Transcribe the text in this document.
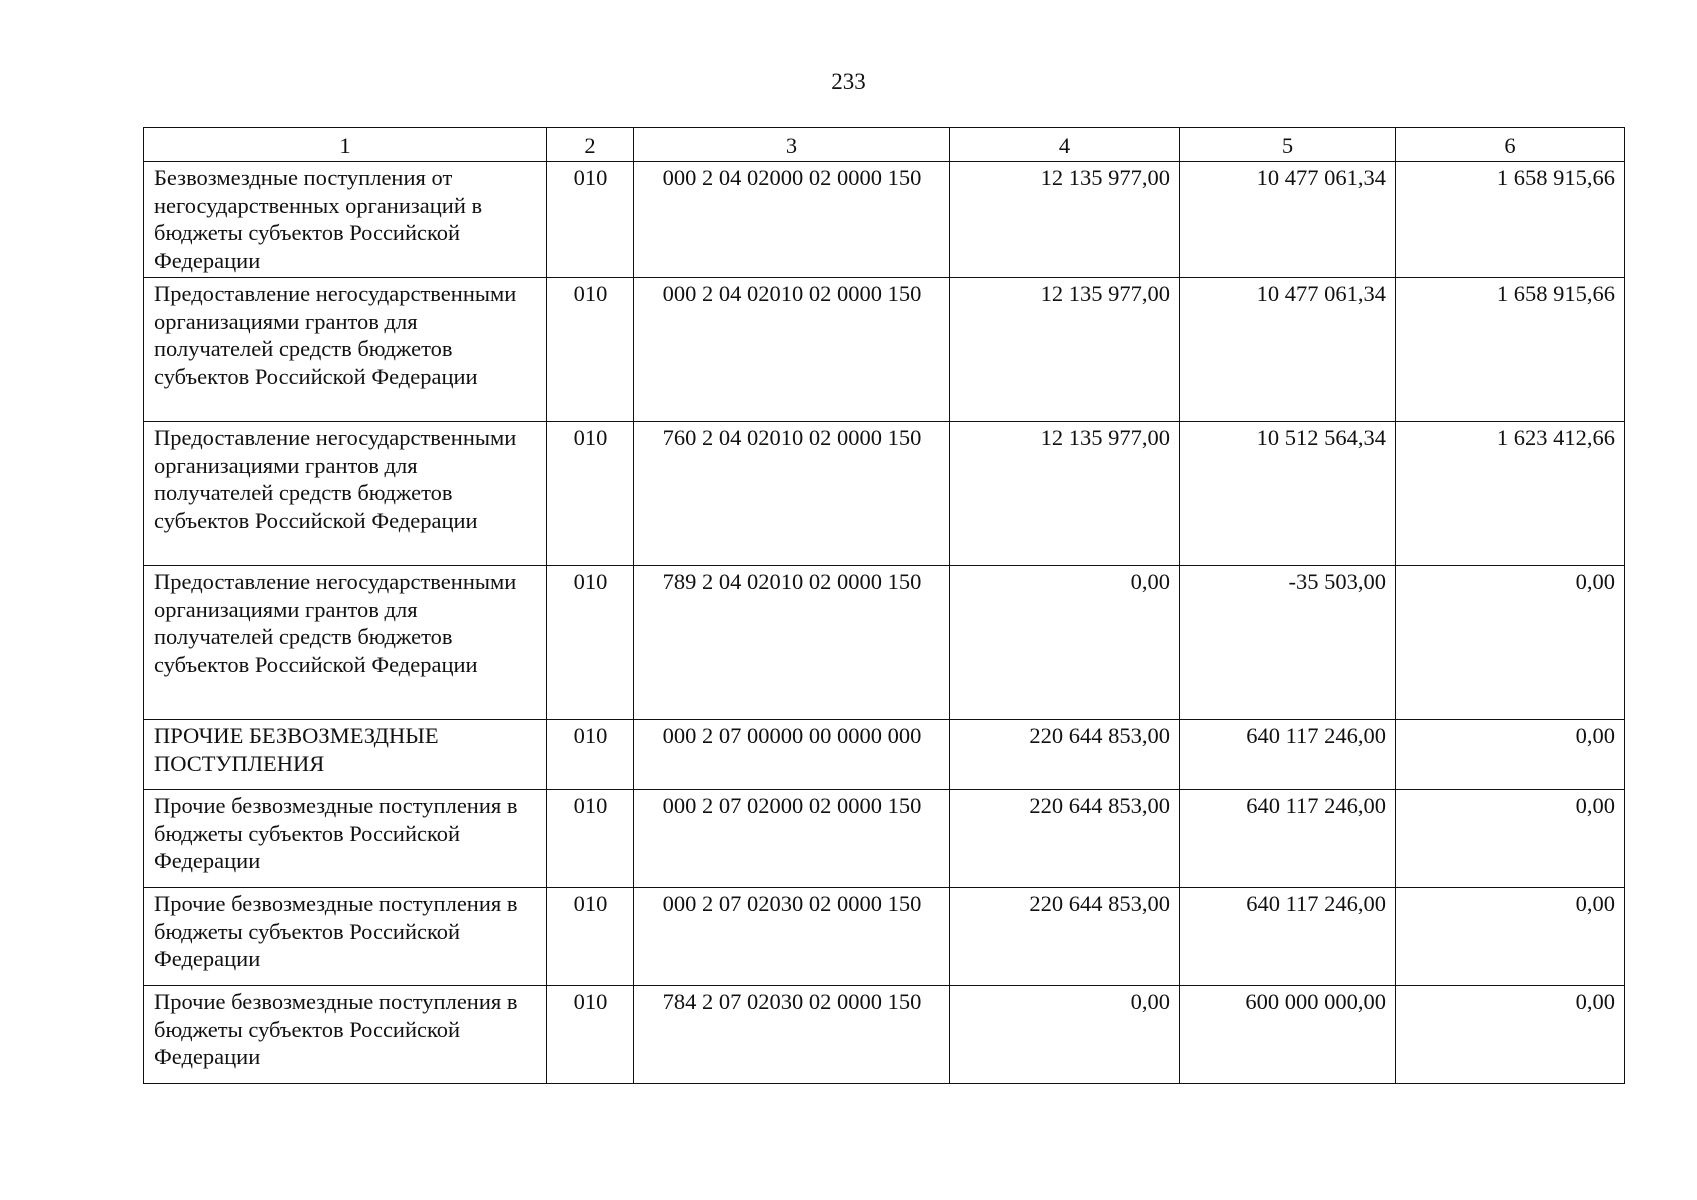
233
1	2	3	4	5	6
Безвозмездные поступления от негосударственных организаций в бюджеты субъектов Российской Федерации	010	000 2 04 02000 02 0000 150	12 135 977,00	10 477 061,34	1 658 915,66
Предоставление негосударственными организациями грантов для получателей средств бюджетов субъектов Российской Федерации	010	000 2 04 02010 02 0000 150	12 135 977,00	10 477 061,34	1 658 915,66
Предоставление негосударственными организациями грантов для получателей средств бюджетов субъектов Российской Федерации	010	760 2 04 02010 02 0000 150	12 135 977,00	10 512 564,34	1 623 412,66
Предоставление негосударственными организациями грантов для получателей средств бюджетов субъектов Российской Федерации	010	789 2 04 02010 02 0000 150	0,00	-35 503,00	0,00
ПРОЧИЕ БЕЗВОЗМЕЗДНЫЕ ПОСТУПЛЕНИЯ	010	000 2 07 00000 00 0000 000	220 644 853,00	640 117 246,00	0,00
Прочие безвозмездные поступления в бюджеты субъектов Российской Федерации	010	000 2 07 02000 02 0000 150	220 644 853,00	640 117 246,00	0,00
Прочие безвозмездные поступления в бюджеты субъектов Российской Федерации	010	000 2 07 02030 02 0000 150	220 644 853,00	640 117 246,00	0,00
Прочие безвозмездные поступления в бюджеты субъектов Российской Федерации	010	784 2 07 02030 02 0000 150	0,00	600 000 000,00	0,00
